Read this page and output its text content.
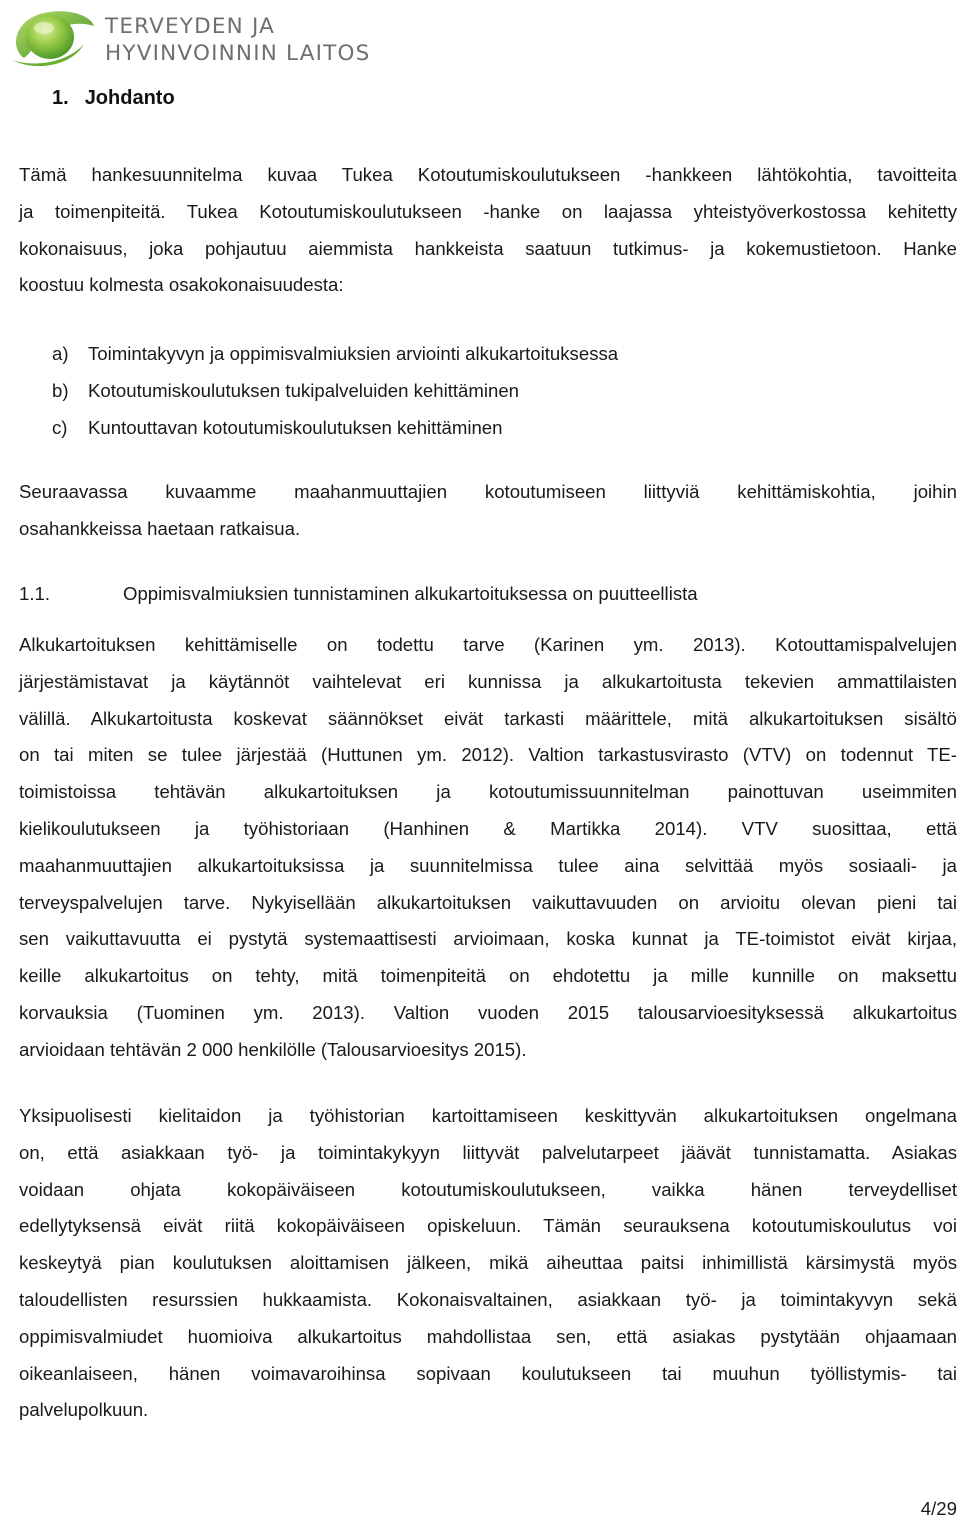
TERVEYDEN JA
HYVINVOINNIN LAITOS
1. Johdanto

Tämä hankesuunnitelma kuvaa Tukea Kotoutumiskoulutukseen -hankkeen lähtökohtia, tavoitteita
ja toimenpiteitä. Tukea Kotoutumiskoulutukseen -hanke on laajassa yhteistyöverkostossa kehitetty
kokonaisuus, joka pohjautuu aiemmista hankkeista saatuun tutkimus- ja kokemustietoon. Hanke
koostuu kolmesta osakokonaisuudesta:

a) Toimintakyvyn ja oppimisvalmiuksien arviointi alkukartoituksessa
b) Kotoutumiskoulutuksen tukipalveluiden kehittäminen
c) Kuntouttavan kotoutumiskoulutuksen kehittäminen

Seuraavassa kuvaamme maahanmuuttajien kotoutumiseen liittyviä kehittämiskohtia, joihin
osahankkeissa haetaan ratkaisua.

1.1.	Oppimisvalmiuksien tunnistaminen alkukartoituksessa on puutteellista

Alkukartoituksen kehittämiselle on todettu tarve (Karinen ym. 2013). Kotouttamispalvelujen
järjestämistavat ja käytännöt vaihtelevat eri kunnissa ja alkukartoitusta tekevien ammattilaisten
välillä. Alkukartoitusta koskevat säännökset eivät tarkasti määrittele, mitä alkukartoituksen sisältö
on tai miten se tulee järjestää (Huttunen ym. 2012). Valtion tarkastusvirasto (VTV) on todennut TE-
toimistoissa tehtävän alkukartoituksen ja kotoutumissuunnitelman painottuvan useimmiten
kielikoulutukseen ja työhistoriaan (Hanhinen & Martikka 2014). VTV suosittaa, että
maahanmuuttajien alkukartoituksissa ja suunnitelmissa tulee aina selvittää myös sosiaali- ja
terveyspalvelujen tarve. Nykyisellään alkukartoituksen vaikuttavuuden on arvioitu olevan pieni tai
sen vaikuttavuutta ei pystytä systemaattisesti arvioimaan, koska kunnat ja TE-toimistot eivät kirjaa,
keille alkukartoitus on tehty, mitä toimenpiteitä on ehdotettu ja mille kunnille on maksettu
korvauksia (Tuominen ym. 2013). Valtion vuoden 2015 talousarvioesityksessä alkukartoitus
arvioidaan tehtävän 2 000 henkilölle (Talousarvioesitys 2015).

Yksipuolisesti kielitaidon ja työhistorian kartoittamiseen keskittyvän alkukartoituksen ongelmana
on, että asiakkaan työ- ja toimintakykyyn liittyvät palvelutarpeet jäävät tunnistamatta. Asiakas
voidaan ohjata kokopäiväiseen kotoutumiskoulutukseen, vaikka hänen terveydelliset
edellytyksensä eivät riitä kokopäiväiseen opiskeluun. Tämän seurauksena kotoutumiskoulutus voi
keskeytyä pian koulutuksen aloittamisen jälkeen, mikä aiheuttaa paitsi inhimillistä kärsimystä myös
taloudellisten resurssien hukkaamista. Kokonaisvaltainen, asiakkaan työ- ja toimintakyvyn sekä
oppimisvalmiudet huomioiva alkukartoitus mahdollistaa sen, että asiakas pystytään ohjaamaan
oikeanlaiseen, hänen voimavaroihinsa sopivaan koulutukseen tai muuhun työllistymis- tai
palvelupolkuun.

4/29
